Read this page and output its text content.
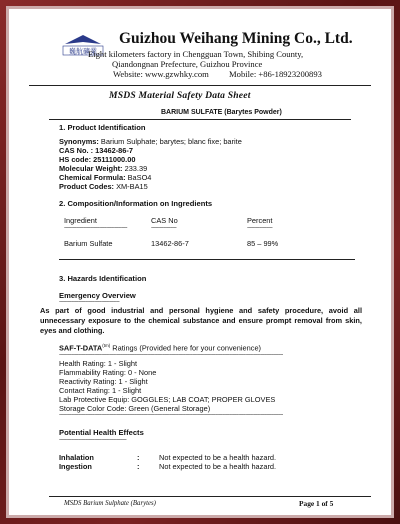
巍航礦業
Guizhou Weihang Mining Co., Ltd.
Eight kilometers factory in Chengguan Town, Shibing County,
Qiandongnan Prefecture, Guizhou Province
Website: www.gzwhky.com Mobile: +86-18923200893
MSDS Material Safety Data Sheet
BARIUM SULFATE (Barytes Powder)
1. Product Identification
Synonyms: Barium Sulphate; barytes; blanc fixe; barite
CAS No. : 13462-86-7
HS code: 25111000.00
Molecular Weight: 233.39
Chemical Formula: BaSO4
Product Codes: XM-BA15
2. Composition/Information on Ingredients
Ingredient	CAS No	Percent
---------------------------------------------	------------------	------------------
Barium Sulfate	13462-86-7	85 – 99%
3. Hazards Identification
Emergency Overview
-------------------------------------------
As part of good industrial and personal hygiene and safety procedure, avoid all unnecessary exposure to the chemical substance and ensure prompt removal from skin, eyes and clothing.
SAF-$T-DATA^{(tm)}$ Ratings (Provided here for your convenience)
----------------------------------------------------------------------------------------------------------------------------------------------------------------
Health Rating: 1 - Slight
Flammability Rating: 0 - None
Reactivity Rating: 1 - Slight
Contact Rating: 1 - Slight
Lab Protective Equip: GOGGLES; LAB COAT; PROPER GLOVES
Storage Color Code: Green (General Storage)
----------------------------------------------------------------------------------------------------------------------------------------------------------------
Potential Health Effects
------------------------------------------------
Inhalation	:	Not expected to be a health hazard.
Ingestion	:	Not expected to be a health hazard.
MSDS Barium Sulphate (Barytes)	Page 1 of 5
